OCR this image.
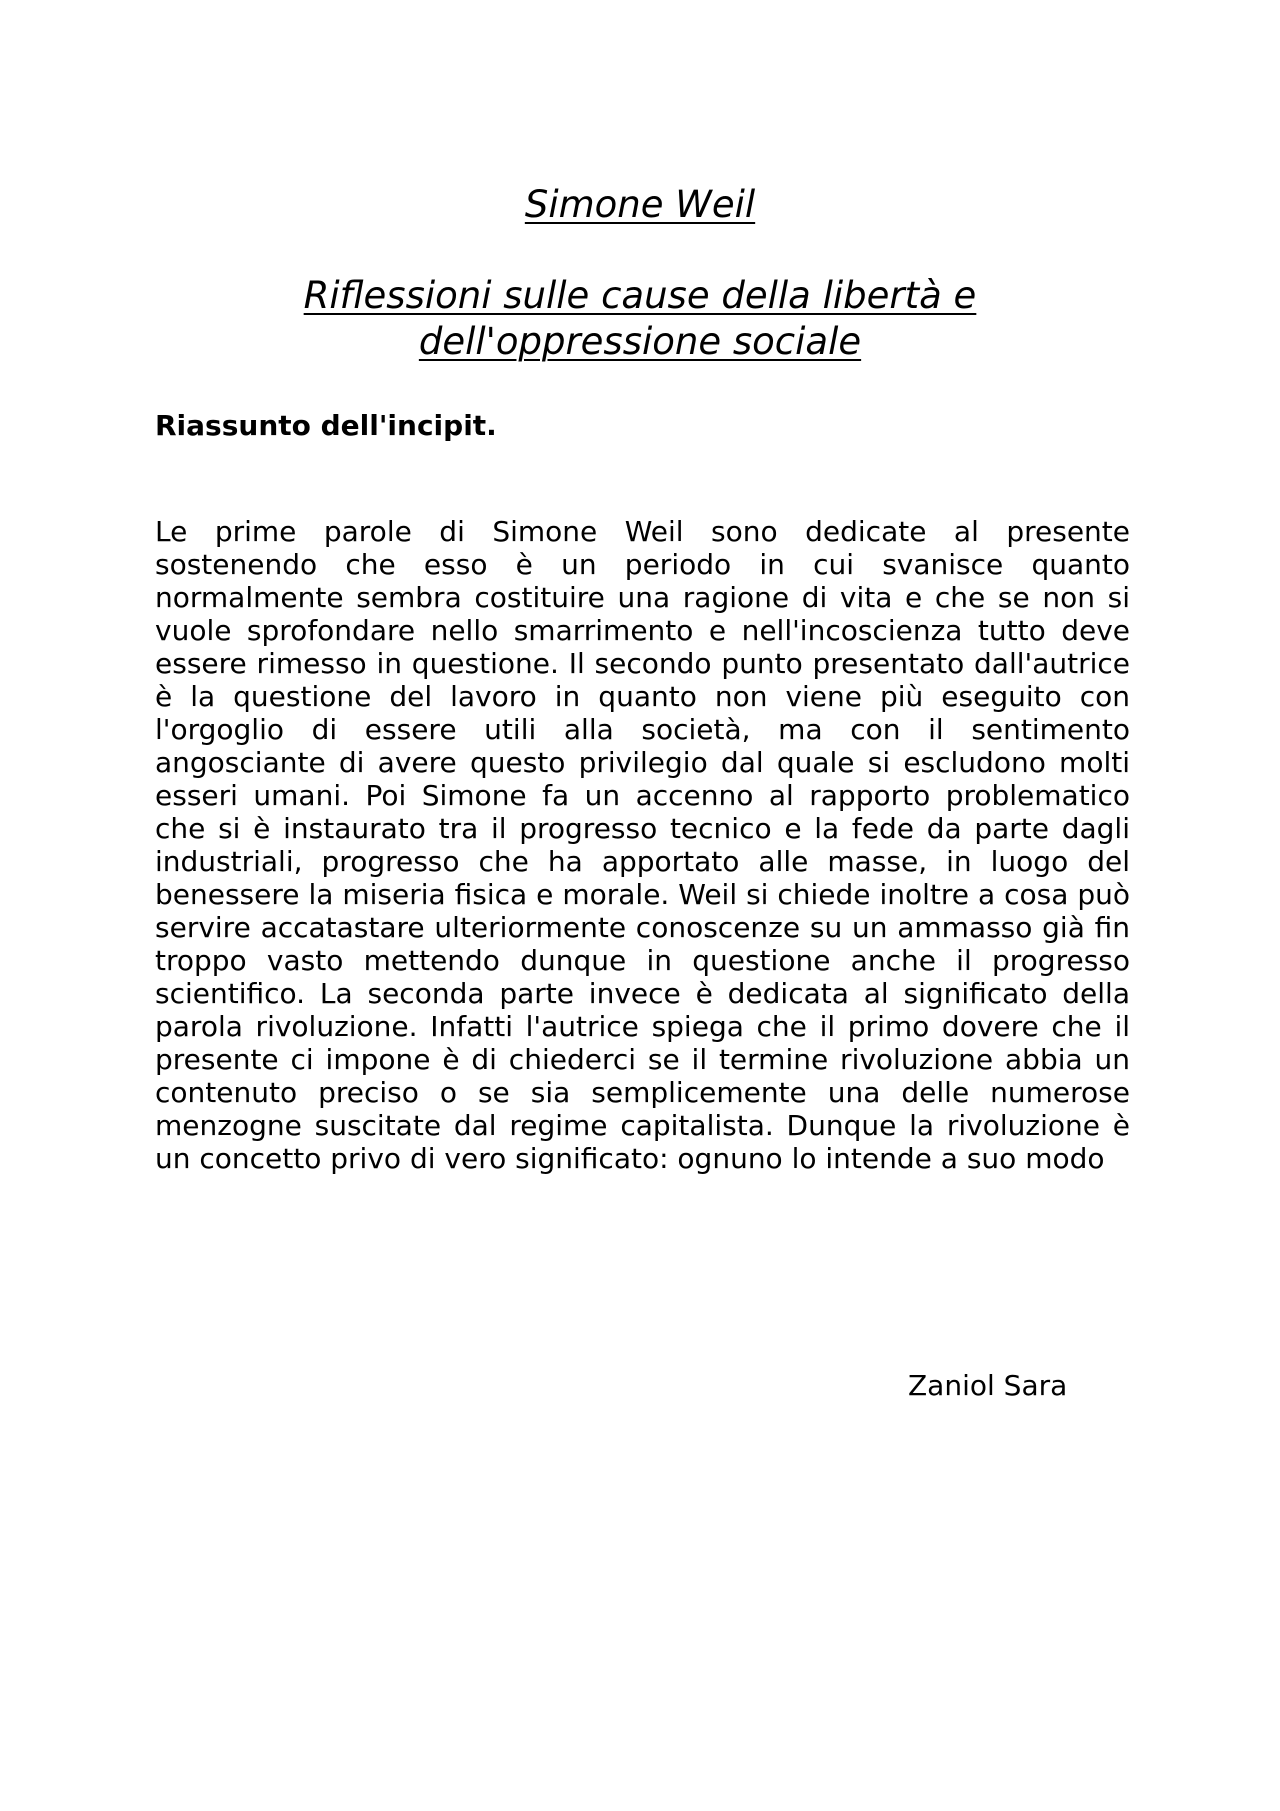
Simone Weil
Riflessioni sulle cause della libertà e
dell'oppressione sociale
Riassunto dell'incipit.

Le prime parole di Simone Weil sono dedicate al presente sostenendo che esso è un periodo in cui svanisce quanto normalmente sembra costituire una ragione di vita e che se non si vuole sprofondare nello smarrimento e nell'incoscienza tutto deve essere rimesso in questione. Il secondo punto presentato dall'autrice è la questione del lavoro in quanto non viene più eseguito con l'orgoglio di essere utili alla società, ma con il sentimento angosciante di avere questo privilegio dal quale si escludono molti esseri umani. Poi Simone fa un accenno al rapporto problematico che si è instaurato tra il progresso tecnico e la fede da parte dagli industriali, progresso che ha apportato alle masse, in luogo del benessere la miseria fisica e morale. Weil si chiede inoltre a cosa può servire accatastare ulteriormente conoscenze su un ammasso già fin troppo vasto mettendo dunque in questione anche il progresso scientifico. La seconda parte invece è dedicata al significato della parola rivoluzione. Infatti l'autrice spiega che il primo dovere che il presente ci impone è di chiederci se il termine rivoluzione abbia un contenuto preciso o se sia semplicemente una delle numerose menzogne suscitate dal regime capitalista. Dunque la rivoluzione è un concetto privo di vero significato: ognuno lo intende a suo modo

Zaniol Sara
